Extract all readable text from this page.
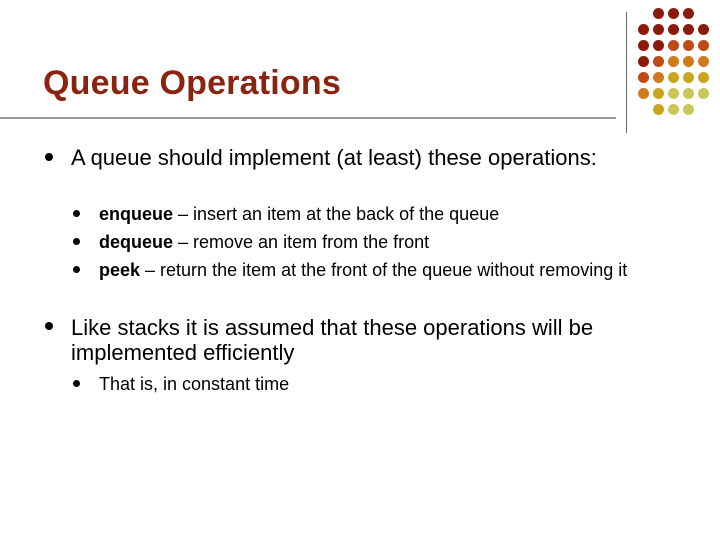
Queue Operations

A queue should implement (at least) these operations:

enqueue – insert an item at the back of the queue

dequeue – remove an item from the front

peek – return the item at the front of the queue without removing it

Like stacks it is assumed that these operations will be implemented efficiently

That is, in constant time
